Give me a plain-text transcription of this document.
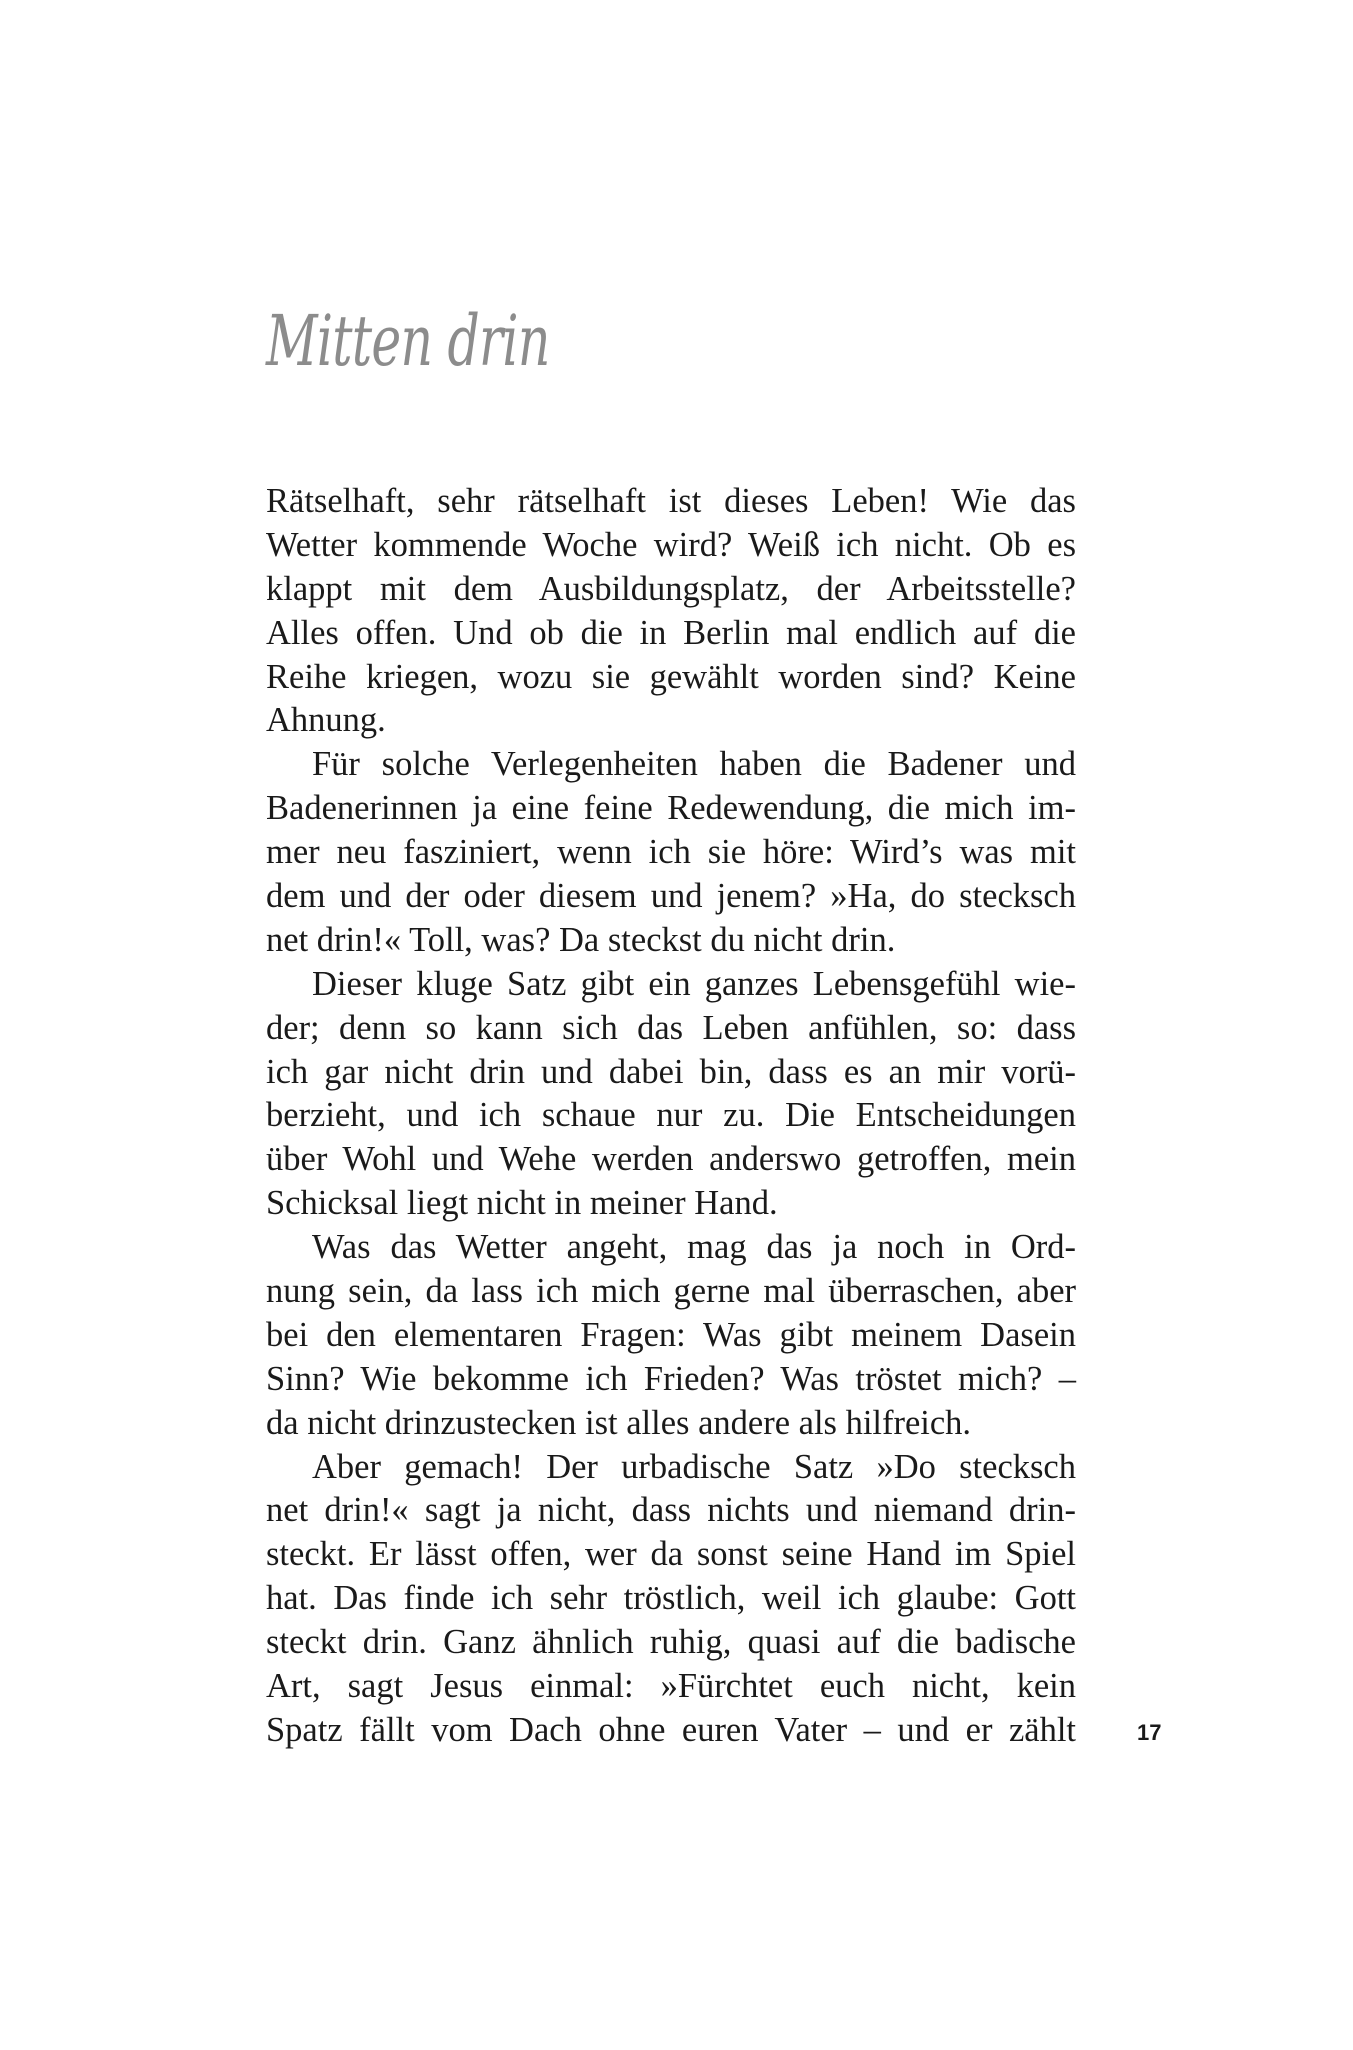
Mitten drin
Rätselhaft, sehr rätselhaft ist dieses Leben! Wie das
Wetter kommende Woche wird? Weiß ich nicht. Ob es
klappt mit dem Ausbildungsplatz, der Arbeitsstelle?
Alles offen. Und ob die in Berlin mal endlich auf die
Reihe kriegen, wozu sie gewählt worden sind? Keine
Ahnung.
Für solche Verlegenheiten haben die Badener und
Badenerinnen ja eine feine Redewendung, die mich im-
mer neu fasziniert, wenn ich sie höre: Wird’s was mit
dem und der oder diesem und jenem? »Ha, do stecksch
net drin!« Toll, was? Da steckst du nicht drin.
Dieser kluge Satz gibt ein ganzes Lebensgefühl wie-
der; denn so kann sich das Leben anfühlen, so: dass
ich gar nicht drin und dabei bin, dass es an mir vorü-
berzieht, und ich schaue nur zu. Die Entscheidungen
über Wohl und Wehe werden anderswo getroffen, mein
Schicksal liegt nicht in meiner Hand.
Was das Wetter angeht, mag das ja noch in Ord-
nung sein, da lass ich mich gerne mal überraschen, aber
bei den elementaren Fragen: Was gibt meinem Dasein
Sinn? Wie bekomme ich Frieden? Was tröstet mich? –
da nicht drinzustecken ist alles andere als hilfreich.
Aber gemach! Der urbadische Satz »Do stecksch
net drin!« sagt ja nicht, dass nichts und niemand drin-
steckt. Er lässt offen, wer da sonst seine Hand im Spiel
hat. Das finde ich sehr tröstlich, weil ich glaube: Gott
steckt drin. Ganz ähnlich ruhig, quasi auf die badische
Art, sagt Jesus einmal: »Fürchtet euch nicht, kein
Spatz fällt vom Dach ohne euren Vater – und er zählt	17
